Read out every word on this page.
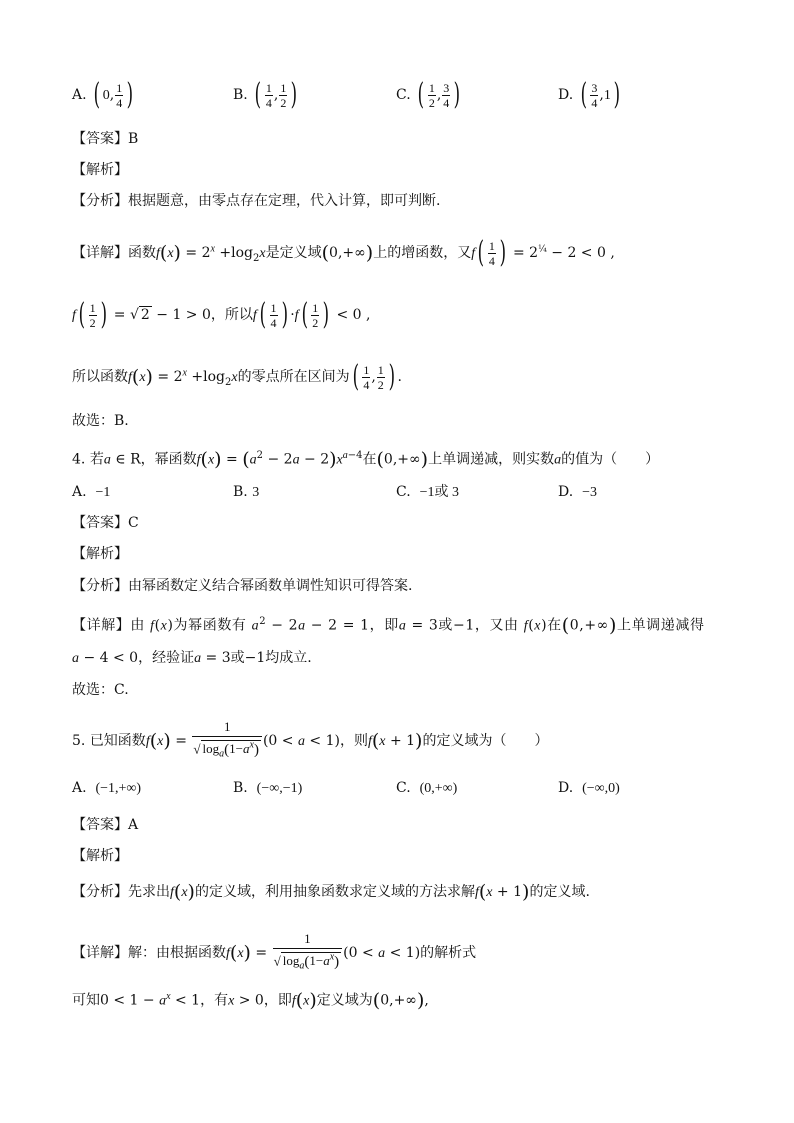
A. ( 0, $\frac{1}{4}$ )	B. ( $\frac{1}{4}$ , $\frac{1}{2}$ )	C. ( $\frac{1}{2}$ , $\frac{3}{4}$ )	D. ( $\frac{3}{4} ,1$)
【答案】B
【解析】
【分析】根据题意，由零点存在定理，代入计算，即可判断.
【详解】函数$f(x) = 2^x +\log_2x$是定义域(0,+∞)上的增函数，又$f( \frac{1}{4}$ ) = $2^{\frac{1}{4}} - 2 < 0$ ,
$f( \frac{1}{2}$ ) = √ 2 − 1 > 0，所以$f( \frac{1}{4}$ ) $\cdot f( \frac{1}{2}$ ) < 0 ,
所以函数$f(x) = 2^x +\log_2x$的零点所在区间为( $\frac{1}{4}$ , $\frac{1}{2}$ ) .
故选：B.
4. 若a ∈ R，幂函数$f(x) = (a^2 - 2a - 2)x^{a-4}$在(0,+∞)上单调递减，则实数a的值为（　　）
A. −1	B. 3	C. −1或 3	D. −3
【答案】C
【解析】
【分析】由幂函数定义结合幂函数单调性知识可得答案.
【详解】由 f(x)为幂函数有 $a^2 - 2a - 2 = 1$，即a = 3或−1，又由 f(x)在(0,+∞)上单调递减得
a − 4 < 0，经验证a = 3或−1均成立.
故选：C.
5. 已知函数$f(x) = \frac{1}{√ \log_a(1-a^x)} (0 < a < 1)$，则f(x + 1)的定义域为（　　）
A. (−1,+∞)	B. (−∞,−1)	C. (0,+∞)	D. (−∞,0)
【答案】A
【解析】
【分析】先求出f(x)的定义域，利用抽象函数求定义域的方法求解f(x + 1)的定义域.
【详解】解：由根据函数$f(x) = \frac{1}{√ \log_a(1-a^x)} (0 < a < 1)$的解析式
可知$0 < 1 - a^x < 1$，有x > 0，即f(x)定义域为(0,+∞),
